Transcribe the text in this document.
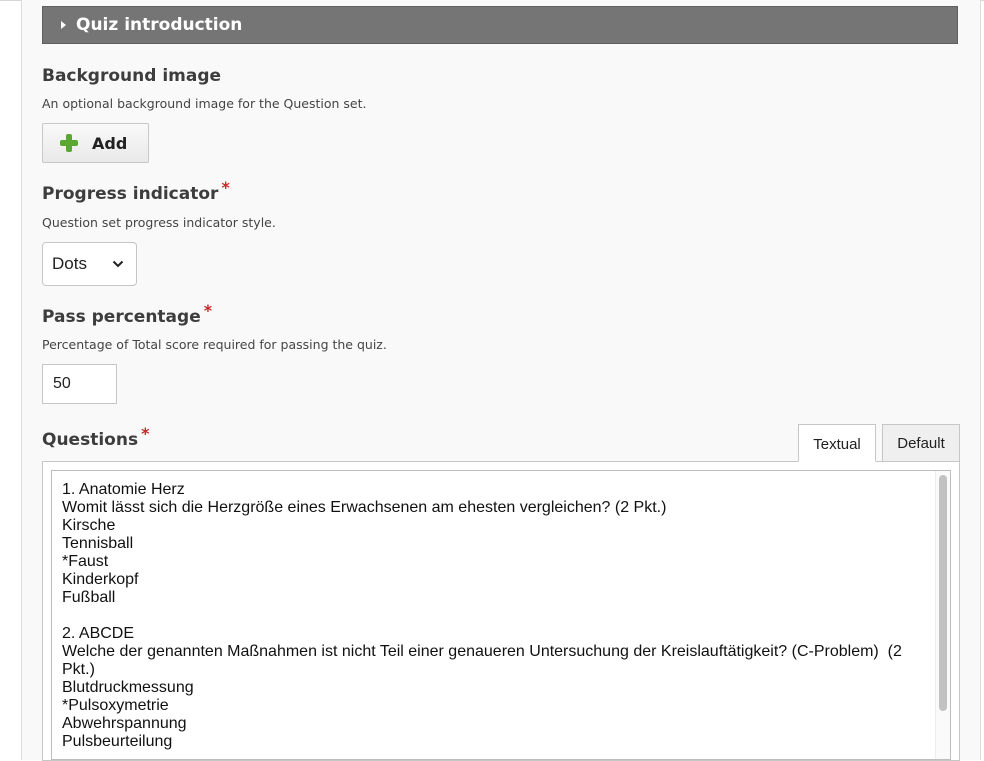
Quiz introduction
Background image
An optional background image for the Question set.
Add
Progress indicator *
Question set progress indicator style.
Dots
Pass percentage *
Percentage of Total score required for passing the quiz.
50
Questions *
Textual	Default
1. Anatomie Herz
Womit lässt sich die Herzgröße eines Erwachsenen am ehesten vergleichen? (2 Pkt.)
Kirsche
Tennisball
*Faust
Kinderkopf
Fußball

2. ABCDE
Welche der genannten Maßnahmen ist nicht Teil einer genaueren Untersuchung der Kreislauftätigkeit? (C-Problem)  (2 Pkt.)
Blutdruckmessung
*Pulsoxymetrie
Abwehrspannung
Pulsbeurteilung
